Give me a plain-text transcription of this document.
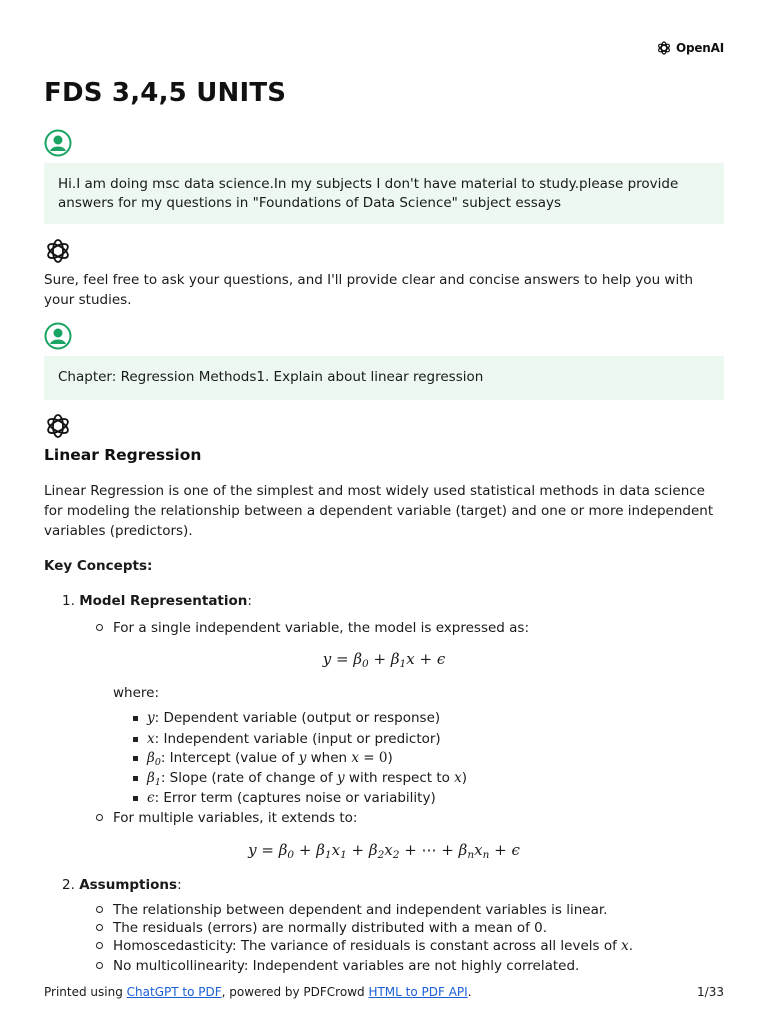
OpenAI
FDS 3,4,5 UNITS
Hi.I am doing msc data science.In my subjects I don't have material to study.please provide answers for my questions in "Foundations of Data Science" subject essays
Sure, feel free to ask your questions, and I'll provide clear and concise answers to help you with your studies.
Chapter: Regression Methods1. Explain about linear regression
Linear Regression
Linear Regression is one of the simplest and most widely used statistical methods in data science for modeling the relationship between a dependent variable (target) and one or more independent variables (predictors).
Key Concepts:
1. Model Representation:
For a single independent variable, the model is expressed as:
$y = \beta_0 + \beta_1x + \epsilon$
where:
y: Dependent variable (output or response)
x: Independent variable (input or predictor)
$\beta_0$: Intercept (value of y when x = 0)
$\beta_1$: Slope (rate of change of y with respect to x)
ϵ: Error term (captures noise or variability)
For multiple variables, it extends to:
$y = \beta_0 + \beta_1x_1 + \beta_2x_2$ + ⋯ + $\beta_nx_n + \epsilon$
2. Assumptions:
The relationship between dependent and independent variables is linear.
The residuals (errors) are normally distributed with a mean of 0.
Homoscedasticity: The variance of residuals is constant across all levels of x.
No multicollinearity: Independent variables are not highly correlated.
Printed using ChatGPT to PDF, powered by PDFCrowd HTML to PDF API.	1/33
